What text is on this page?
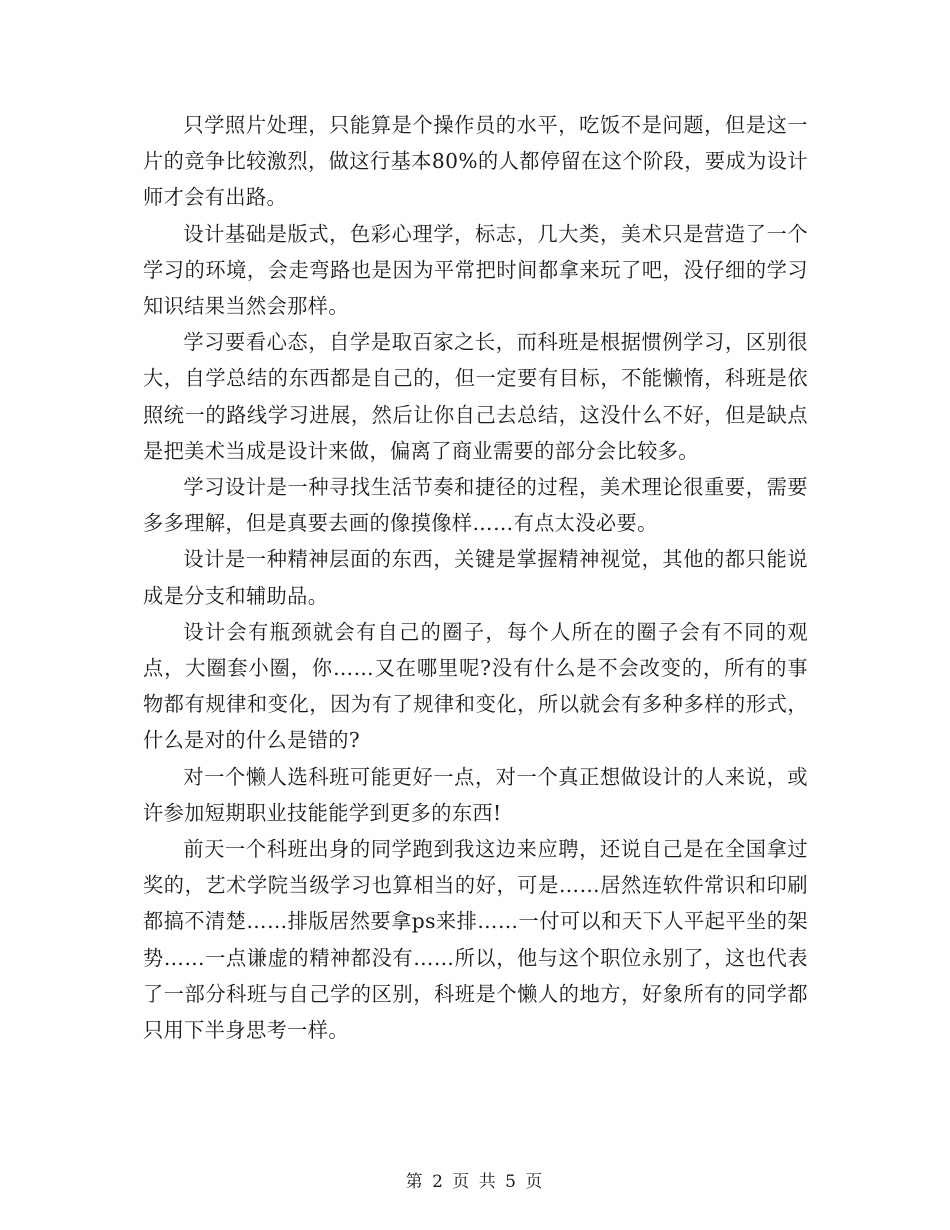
只学照片处理，只能算是个操作员的水平，吃饭不是问题，但是这一片的竞争比较激烈，做这行基本80%的人都停留在这个阶段，要成为设计师才会有出路。

设计基础是版式，色彩心理学，标志，几大类，美术只是营造了一个学习的环境，会走弯路也是因为平常把时间都拿来玩了吧，没仔细的学习知识结果当然会那样。

学习要看心态，自学是取百家之长，而科班是根据惯例学习，区别很大，自学总结的东西都是自己的，但一定要有目标，不能懒惰，科班是依照统一的路线学习进展，然后让你自己去总结，这没什么不好，但是缺点是把美术当成是设计来做，偏离了商业需要的部分会比较多。

学习设计是一种寻找生活节奏和捷径的过程，美术理论很重要，需要多多理解，但是真要去画的像摸像样……有点太没必要。

设计是一种精神层面的东西，关键是掌握精神视觉，其他的都只能说成是分支和辅助品。

设计会有瓶颈就会有自己的圈子，每个人所在的圈子会有不同的观点，大圈套小圈，你……又在哪里呢?没有什么是不会改变的，所有的事物都有规律和变化，因为有了规律和变化，所以就会有多种多样的形式，什么是对的什么是错的?

对一个懒人选科班可能更好一点，对一个真正想做设计的人来说，或许参加短期职业技能能学到更多的东西!

前天一个科班出身的同学跑到我这边来应聘，还说自己是在全国拿过奖的，艺术学院当级学习也算相当的好，可是……居然连软件常识和印刷都搞不清楚……排版居然要拿ps来排……一付可以和天下人平起平坐的架势……一点谦虚的精神都没有……所以，他与这个职位永别了，这也代表了一部分科班与自己学的区别，科班是个懒人的地方，好象所有的同学都只用下半身思考一样。

第 2 页 共 5 页
